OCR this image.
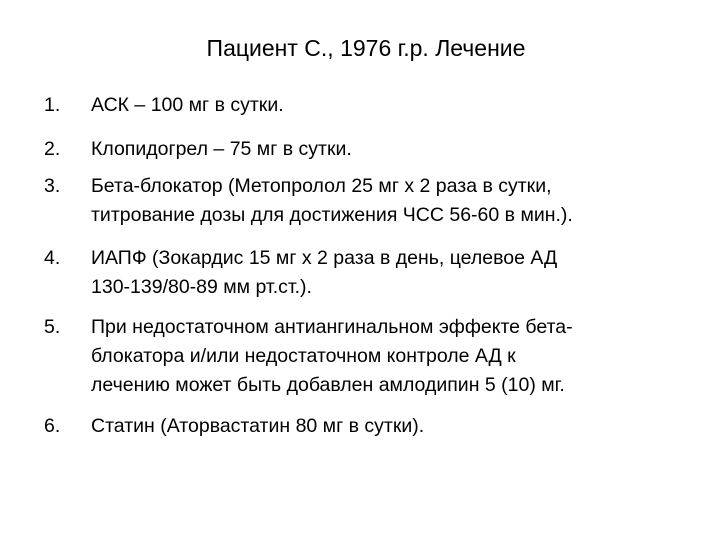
Пациент С., 1976 г.р. Лечение
1.	АСК – 100 мг в сутки.
2.	Клопидогрел – 75 мг в сутки.
3.	Бета-блокатор (Метопролол 25 мг х 2 раза в сутки,
титрование дозы для достижения ЧСС 56-60 в мин.).
4.	ИАПФ (Зокардис 15 мг х 2 раза в день, целевое АД
130-139/80-89 мм рт.ст.).
5.	При недостаточном антиангинальном эффекте бета-
блокатора и/или недостаточном контроле АД к
лечению может быть добавлен амлодипин 5 (10) мг.
6.	Статин (Аторвастатин 80 мг в сутки).
